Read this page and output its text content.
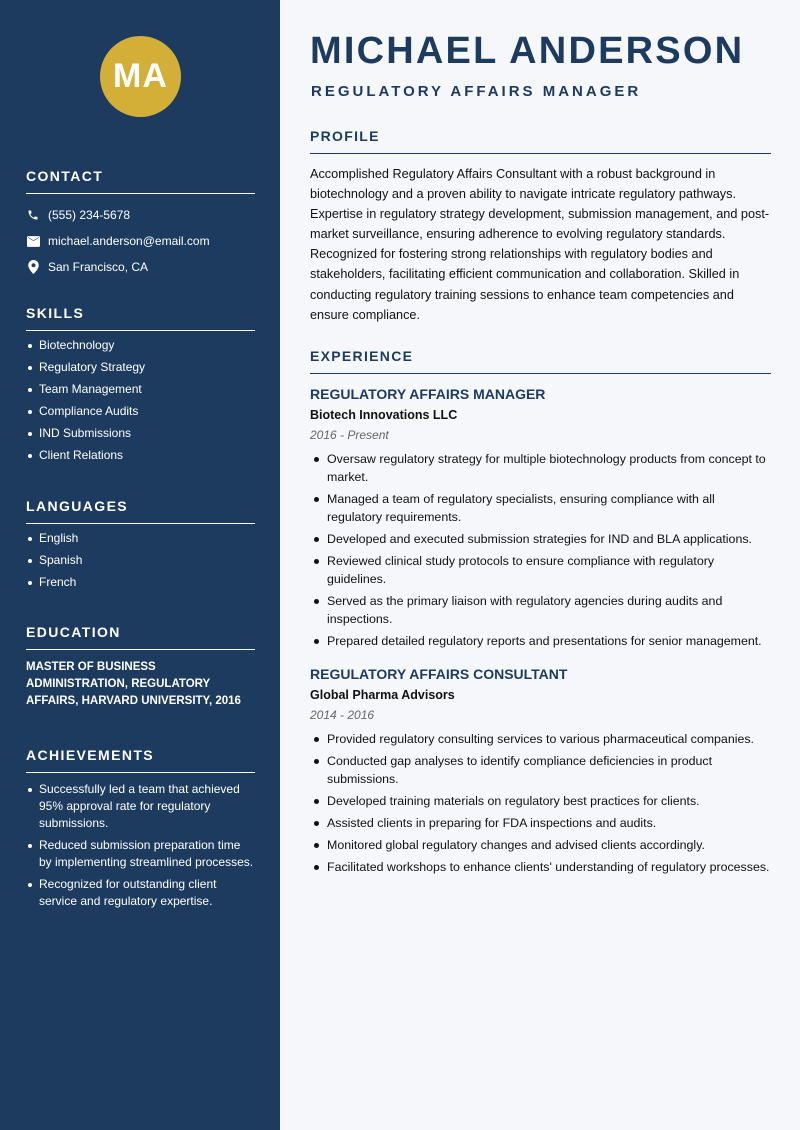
MA
CONTACT
(555) 234-5678
michael.anderson@email.com
San Francisco, CA
SKILLS
Biotechnology
Regulatory Strategy
Team Management
Compliance Audits
IND Submissions
Client Relations
LANGUAGES
English
Spanish
French
EDUCATION
MASTER OF BUSINESS ADMINISTRATION, REGULATORY AFFAIRS, HARVARD UNIVERSITY, 2016
ACHIEVEMENTS
Successfully led a team that achieved 95% approval rate for regulatory submissions.
Reduced submission preparation time by implementing streamlined processes.
Recognized for outstanding client service and regulatory expertise.
MICHAEL ANDERSON
REGULATORY AFFAIRS MANAGER
PROFILE

Accomplished Regulatory Affairs Consultant with a robust background in biotechnology and a proven ability to navigate intricate regulatory pathways. Expertise in regulatory strategy development, submission management, and post-market surveillance, ensuring adherence to evolving regulatory standards. Recognized for fostering strong relationships with regulatory bodies and stakeholders, facilitating efficient communication and collaboration. Skilled in conducting regulatory training sessions to enhance team competencies and ensure compliance.

EXPERIENCE
REGULATORY AFFAIRS MANAGER
Biotech Innovations LLC
2016 - Present
Oversaw regulatory strategy for multiple biotechnology products from concept to market.
Managed a team of regulatory specialists, ensuring compliance with all regulatory requirements.
Developed and executed submission strategies for IND and BLA applications.
Reviewed clinical study protocols to ensure compliance with regulatory guidelines.
Served as the primary liaison with regulatory agencies during audits and inspections.
Prepared detailed regulatory reports and presentations for senior management.
REGULATORY AFFAIRS CONSULTANT
Global Pharma Advisors
2014 - 2016
Provided regulatory consulting services to various pharmaceutical companies.
Conducted gap analyses to identify compliance deficiencies in product submissions.
Developed training materials on regulatory best practices for clients.
Assisted clients in preparing for FDA inspections and audits.
Monitored global regulatory changes and advised clients accordingly.
Facilitated workshops to enhance clients' understanding of regulatory processes.
